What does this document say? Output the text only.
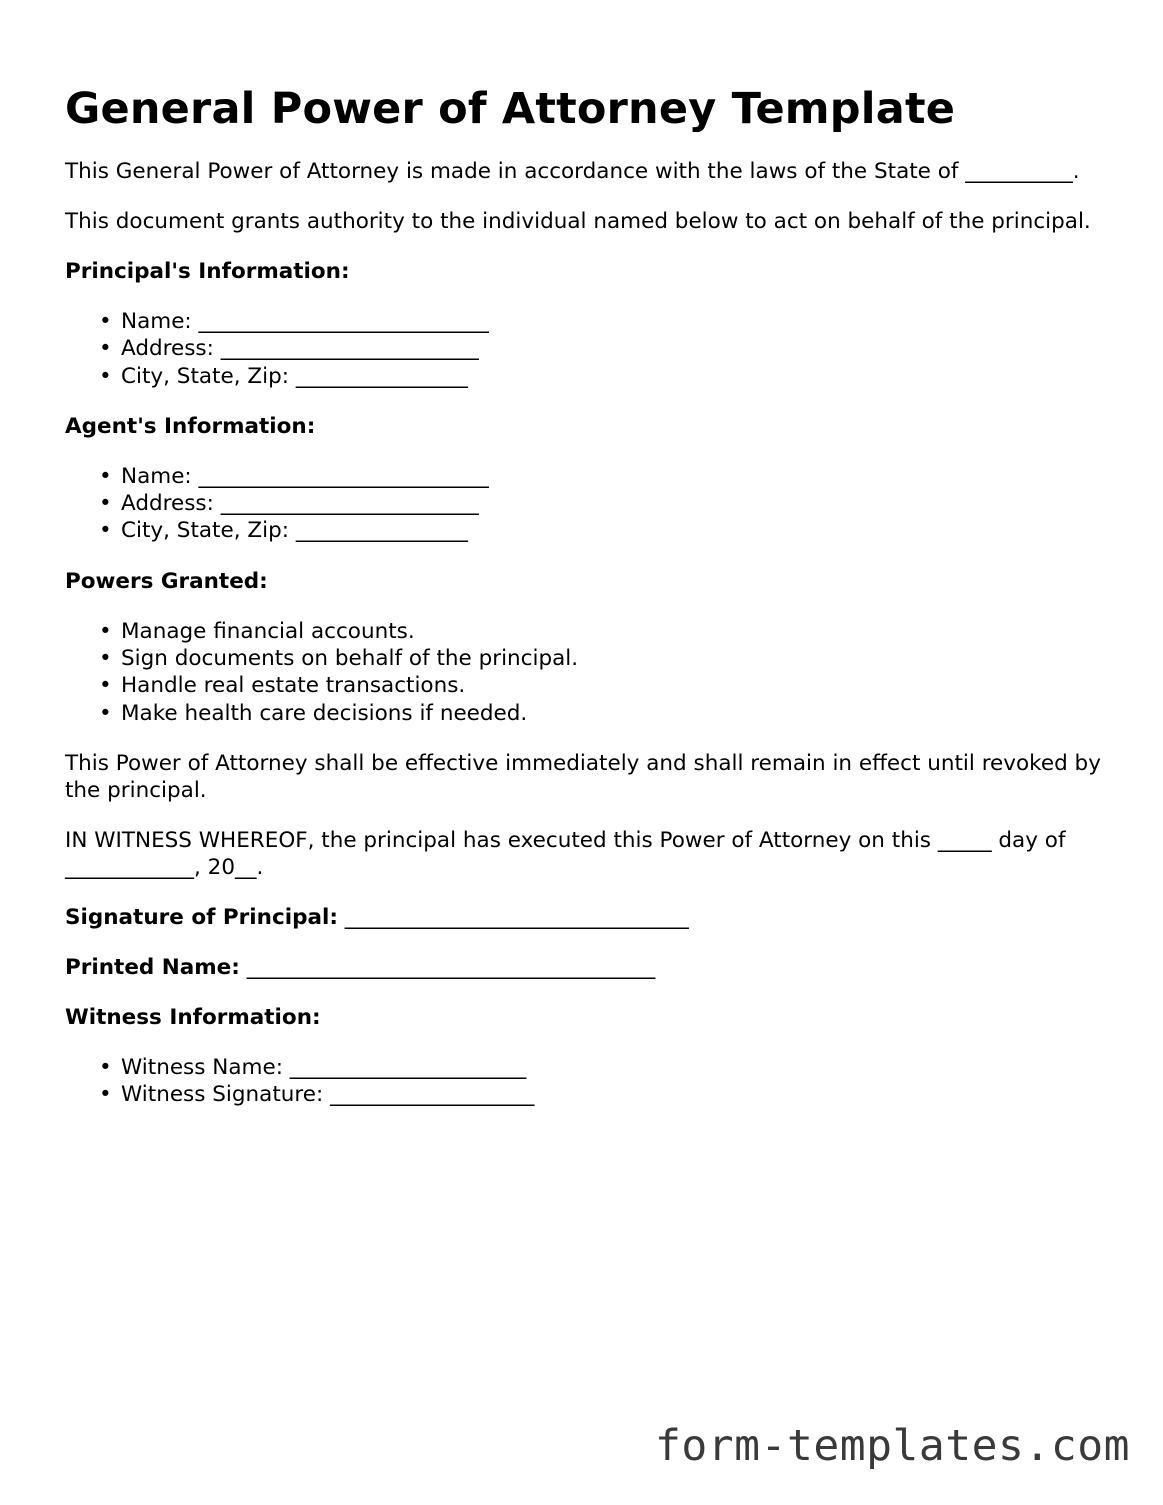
General Power of Attorney Template

This General Power of Attorney is made in accordance with the laws of the State of __________.

This document grants authority to the individual named below to act on behalf of the principal.

Principal's Information:
• Name: ___________________________
• Address: ________________________
• City, State, Zip: ________________
Agent's Information:
• Name: ___________________________
• Address: ________________________
• City, State, Zip: ________________
Powers Granted:
• Manage financial accounts.
• Sign documents on behalf of the principal.
• Handle real estate transactions.
• Make health care decisions if needed.

This Power of Attorney shall be effective immediately and shall remain in effect until revoked by the principal.

IN WITNESS WHEREOF, the principal has executed this Power of Attorney on this _____ day of ____________, 20__.

Signature of Principal: ________________________________
Printed Name: ______________________________________
Witness Information:
• Witness Name: ______________________
• Witness Signature: ___________________
form-templates.com
